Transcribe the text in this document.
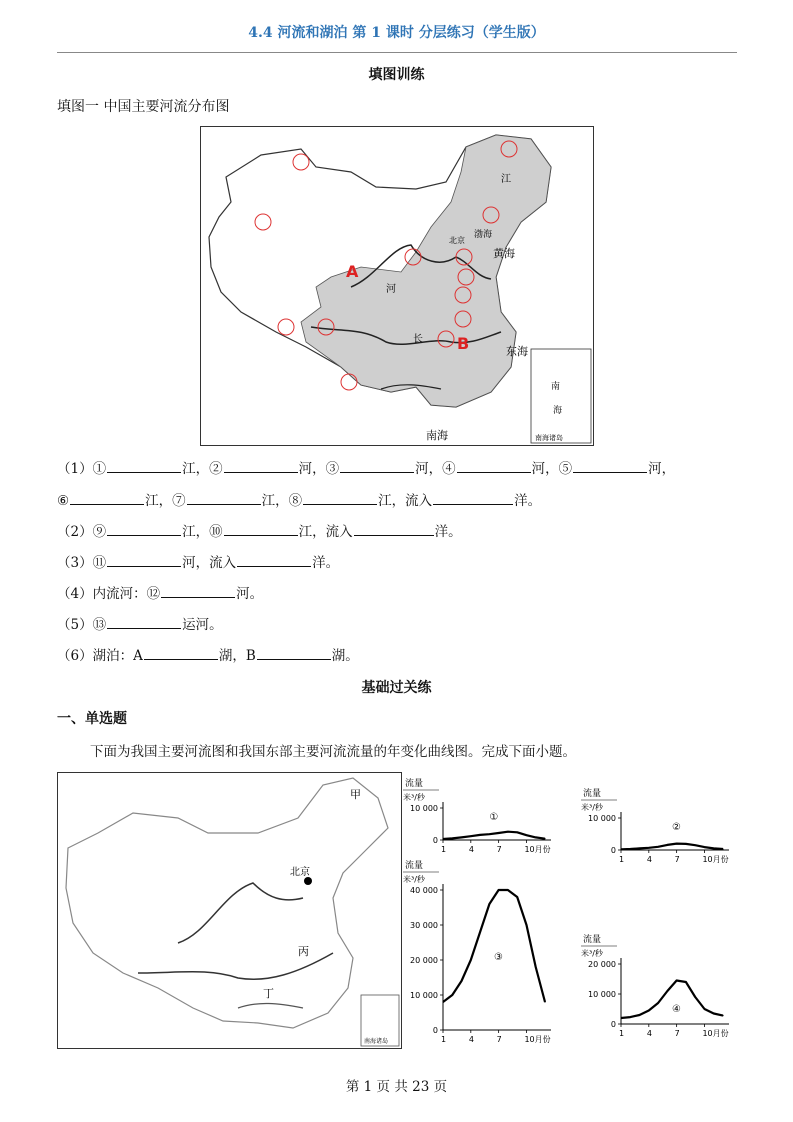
4.4 河流和湖泊 第 1 课时 分层练习（学生版）
填图训练
填图一 中国主要河流分布图
黄海
东海
南海
渤海
北京
河
长
江
A
B
南
海
南海诸岛
（1）①	江，②	河，③	河，④	河，⑤	河，
⑥	江，⑦	江，⑧	江，流入	洋。
（2）⑨	江，⑩	江，流入	洋。
（3）⑪	河，流入	洋。
（4）内流河：⑫	河。
（5）⑬	运河。
（6）湖泊：A	湖，B	湖。
基础过关练
一、单选题
下面为我国主要河流图和我国东部主要河流流量的年变化曲线图。完成下面小题。
北京
甲
丙
丁
南海诸岛
流量
米³/秒
10 000
0
1	4	7	10月份
①
流量
米³/秒
10 000
0
1	4	7	10月份
②
流量
米³/秒
40 000
30 000
20 000
10 000
0
1	4	7	10月份
③
流量
米³/秒
20 000
10 000
0
1	4	7	10月份
④
第 1 页 共 23 页
